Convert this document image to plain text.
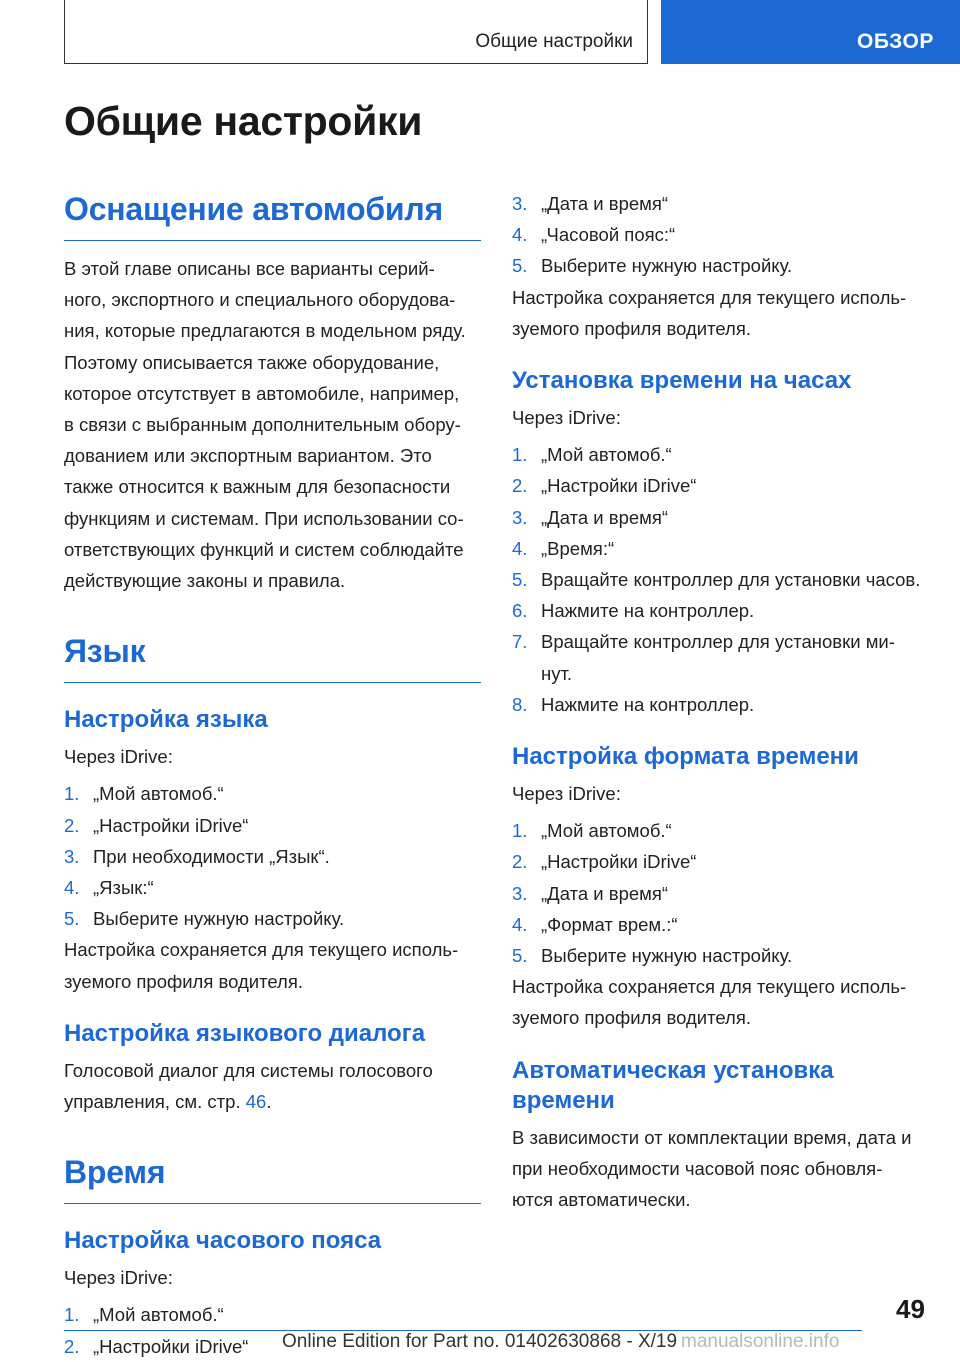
Общие настройки	ОБЗОР
Общие настройки
Оснащение автомобиля

В этой главе описаны все варианты серий-
ного, экспортного и специального оборудова-
ния, которые предлагаются в модельном ряду.
Поэтому описывается также оборудование,
которое отсутствует в автомобиле, например,
в связи с выбранным дополнительным обору-
дованием или экспортным вариантом. Это
также относится к важным для безопасности
функциям и системам. При использовании со-
ответствующих функций и систем соблюдайте
действующие законы и правила.

Язык
Настройка языка

Через iDrive:

1. „Мой автомоб.“
2. „Настройки iDrive“
3. При необходимости „Язык“.
4. „Язык:“
5. Выберите нужную настройку.

Настройка сохраняется для текущего исполь-
зуемого профиля водителя.

Настройка языкового диалога

Голосовой диалог для системы голосового
управления, см. стр. 46.

Время
Настройка часового пояса

Через iDrive:

1. „Мой автомоб.“
2. „Настройки iDrive“
3. „Дата и время“
4. „Часовой пояс:“
5. Выберите нужную настройку.

Настройка сохраняется для текущего исполь-
зуемого профиля водителя.

Установка времени на часах

Через iDrive:

1. „Мой автомоб.“
2. „Настройки iDrive“
3. „Дата и время“
4. „Время:“
5. Вращайте контроллер для установки часов.
6. Нажмите на контроллер.
7. Вращайте контроллер для установки ми-
нут.
8. Нажмите на контроллер.
Настройка формата времени

Через iDrive:

1. „Мой автомоб.“
2. „Настройки iDrive“
3. „Дата и время“
4. „Формат врем.:“
5. Выберите нужную настройку.

Настройка сохраняется для текущего исполь-
зуемого профиля водителя.

Автоматическая установка
времени

В зависимости от комплектации время, дата и
при необходимости часовой пояс обновля-
ются автоматически.

49
Online Edition for Part no. 01402630868 - X/19 manualsonline.info
